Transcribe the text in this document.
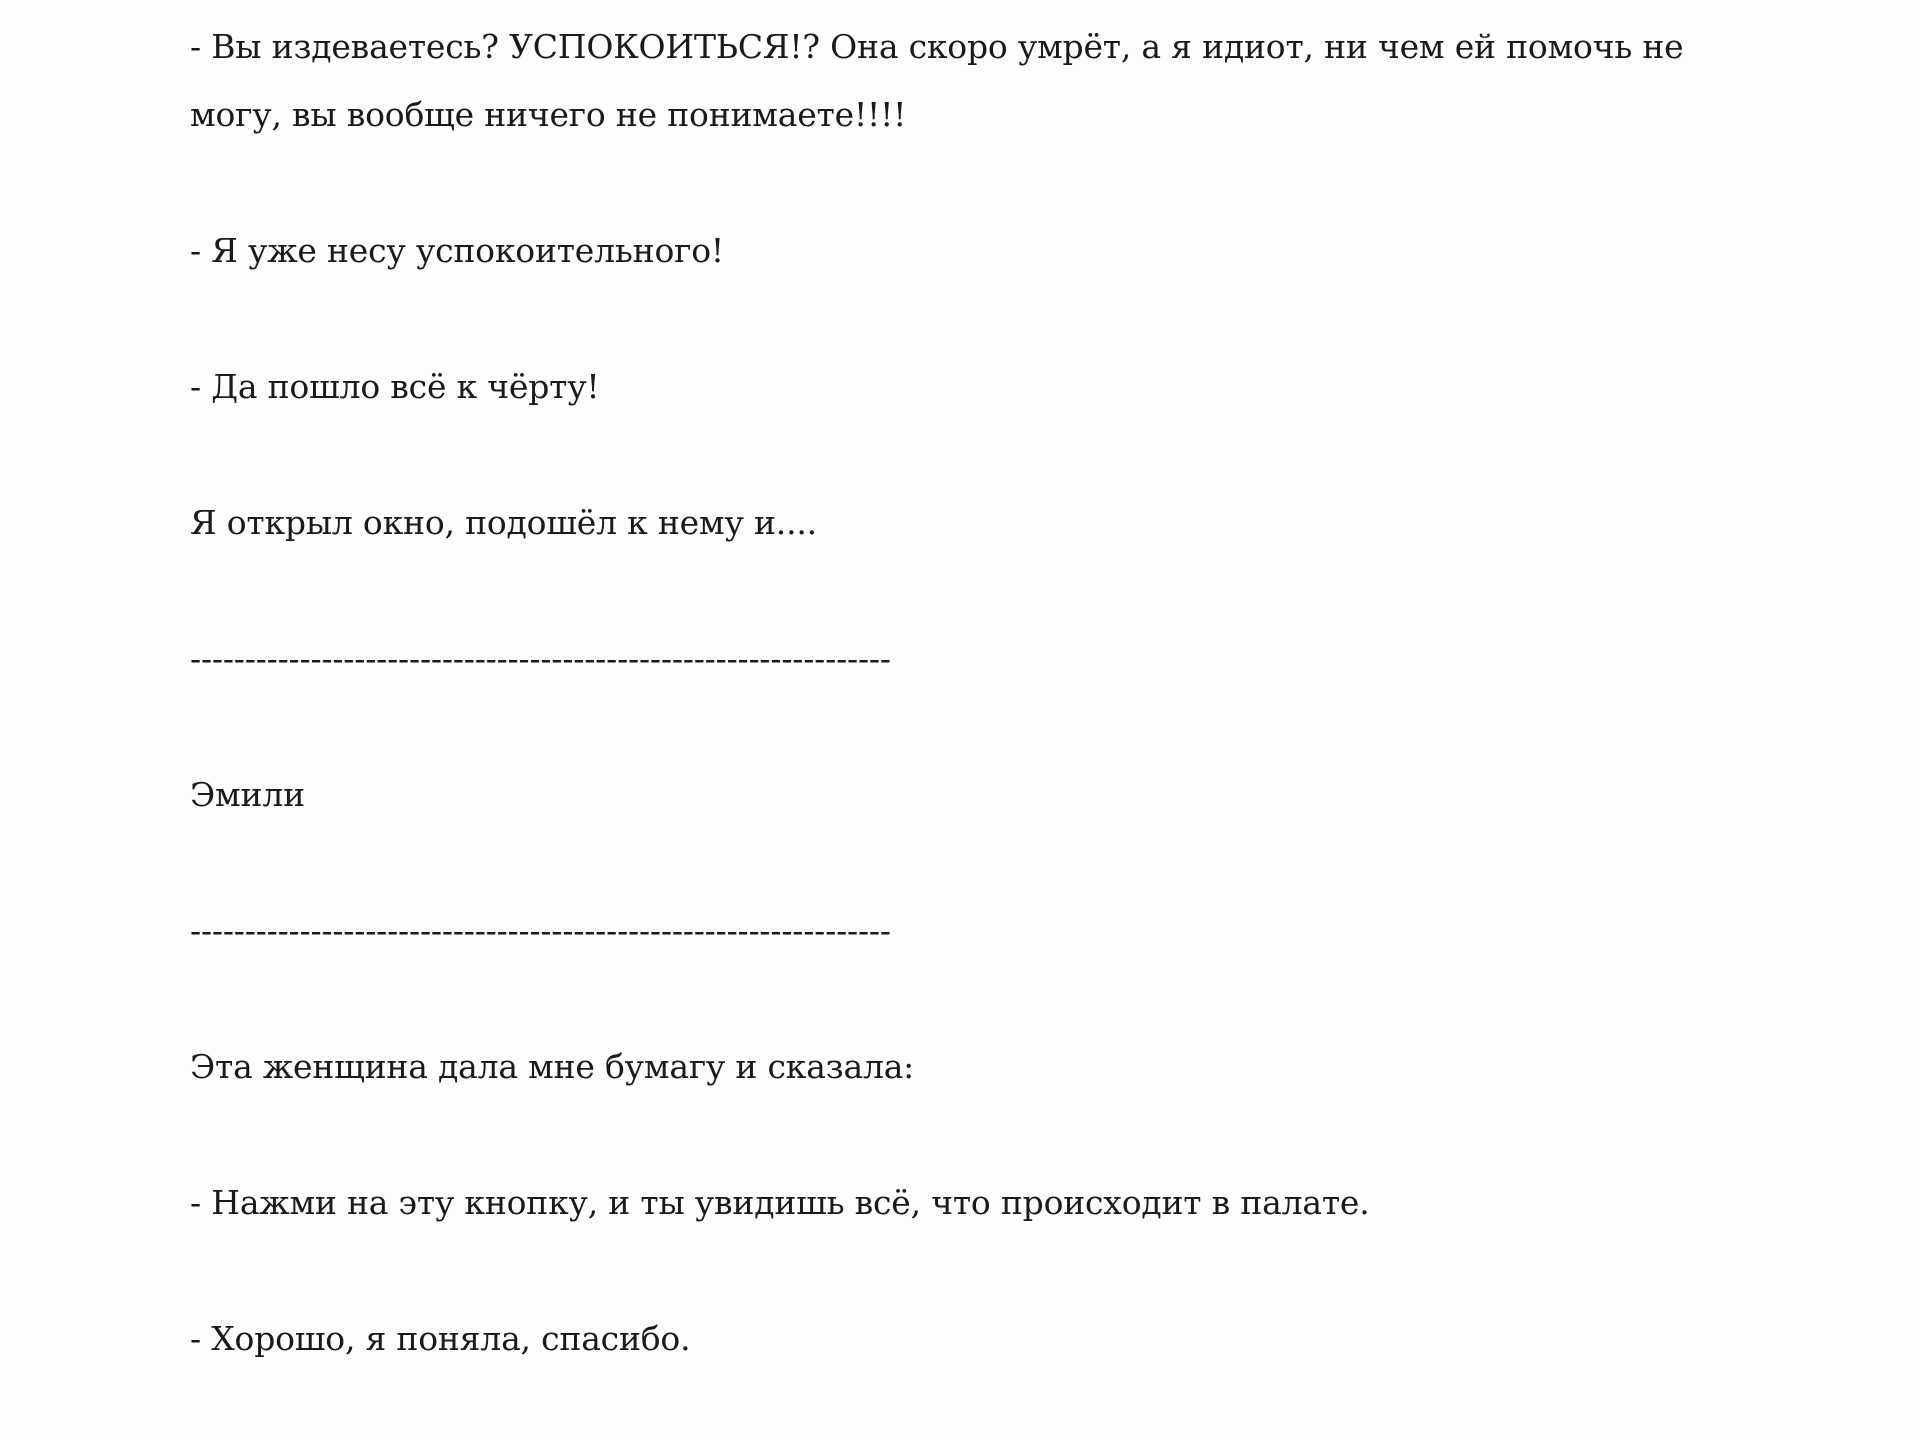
- Вы издеваетесь? УСПОКОИТЬСЯ!? Она скоро умрёт, а я идиот, ни чем ей помочь не могу, вы вообще ничего не понимаете!!!!

- Я уже несу успокоительного!

- Да пошло всё к чёрту!

Я открыл окно, подошёл к нему и....

----------------------------------------------------------------

Эмили

----------------------------------------------------------------

Эта женщина дала мне бумагу и сказала:

- Нажми на эту кнопку, и ты увидишь всё, что происходит в палате.

- Хорошо, я поняла, спасибо.
